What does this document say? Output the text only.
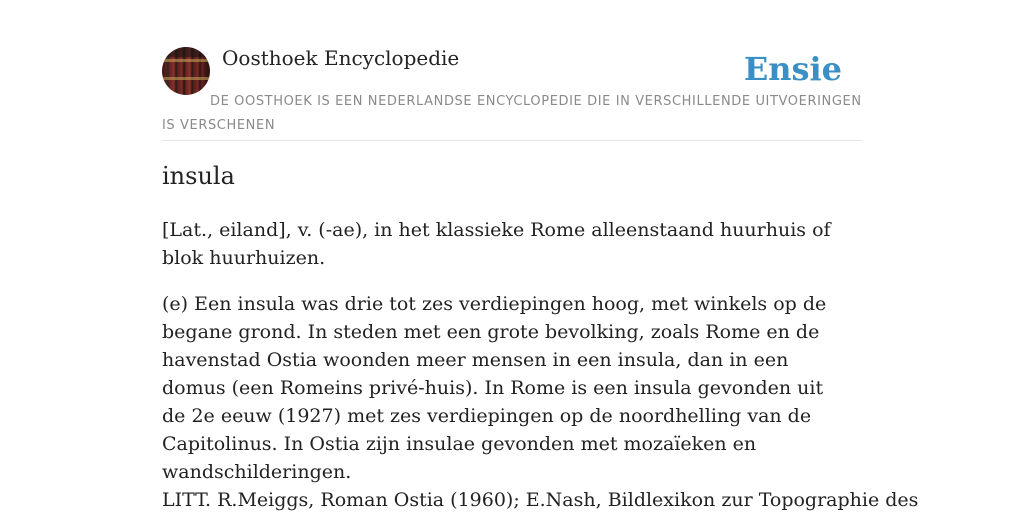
Oosthoek Encyclopedie	Ensie
DE OOSTHOEK IS EEN NEDERLANDSE ENCYCLOPEDIE DIE IN VERSCHILLENDE UITVOERINGEN IS VERSCHENEN
insula

[Lat., eiland], v. (-ae), in het klassieke Rome alleenstaand huurhuis of blok huurhuizen.

(e) Een insula was drie tot zes verdiepingen hoog, met winkels op de begane grond. In steden met een grote bevolking, zoals Rome en de havenstad Ostia woonden meer mensen in een insula, dan in een domus (een Romeins privé-huis). In Rome is een insula gevonden uit de 2e eeuw (1927) met zes verdiepingen op de noordhelling van de Capitolinus. In Ostia zijn insulae gevonden met mozaïeken en wandschilderingen.

LITT. R.Meiggs, Roman Ostia (1960); E.Nash, Bildlexikon zur Topographie des
